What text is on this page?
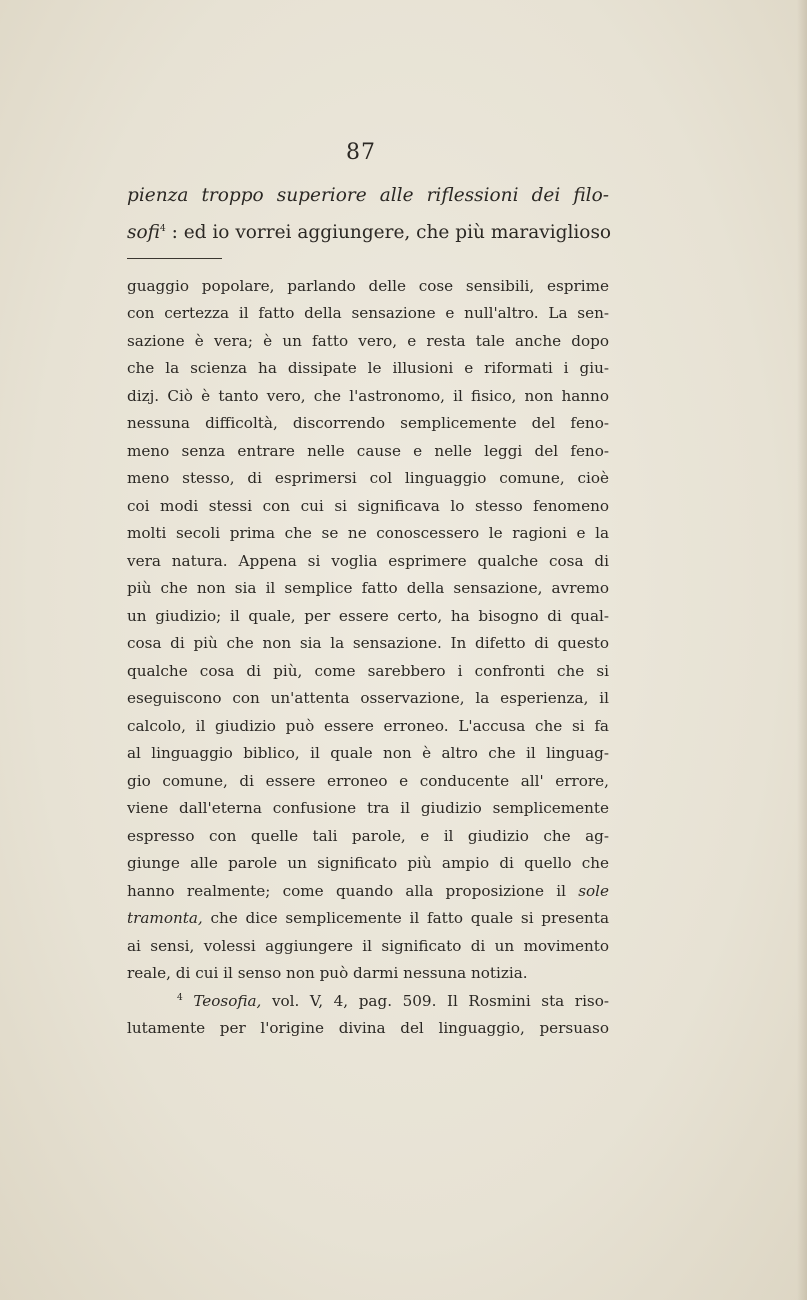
87
pienza troppo superiore alle riflessioni dei filo-
sofi$^4$ : ed io vorrei aggiungere, che più maraviglioso
guaggio popolare, parlando delle cose sensibili, esprime
con certezza il fatto della sensazione e null'altro. La sen-
sazione è vera; è un fatto vero, e resta tale anche dopo
che la scienza ha dissipate le illusioni e riformati i giu-
dizj. Ciò è tanto vero, che l'astronomo, il fisico, non hanno
nessuna difficoltà, discorrendo semplicemente del feno-
meno senza entrare nelle cause e nelle leggi del feno-
meno stesso, di esprimersi col linguaggio comune, cioè
coi modi stessi con cui si significava lo stesso fenomeno
molti secoli prima che se ne conoscessero le ragioni e la
vera natura. Appena si voglia esprimere qualche cosa di
più che non sia il semplice fatto della sensazione, avremo
un giudizio; il quale, per essere certo, ha bisogno di qual-
cosa di più che non sia la sensazione. In difetto di questo
qualche cosa di più, come sarebbero i confronti che si
eseguiscono con un'attenta osservazione, la esperienza, il
calcolo, il giudizio può essere erroneo. L'accusa che si fa
al linguaggio biblico, il quale non è altro che il linguag-
gio comune, di essere erroneo e conducente all' errore,
viene dall'eterna confusione tra il giudizio semplicemente
espresso con quelle tali parole, e il giudizio che ag-
giunge alle parole un significato più ampio di quello che
hanno realmente; come quando alla proposizione il sole
tramonta, che dice semplicemente il fatto quale si presenta
ai sensi, volessi aggiungere il significato di un movimento
reale, di cui il senso non può darmi nessuna notizia.
$^4$ Teosofia, vol. V, 4, pag. 509. Il Rosmini sta riso-
lutamente per l'origine divina del linguaggio, persuaso
